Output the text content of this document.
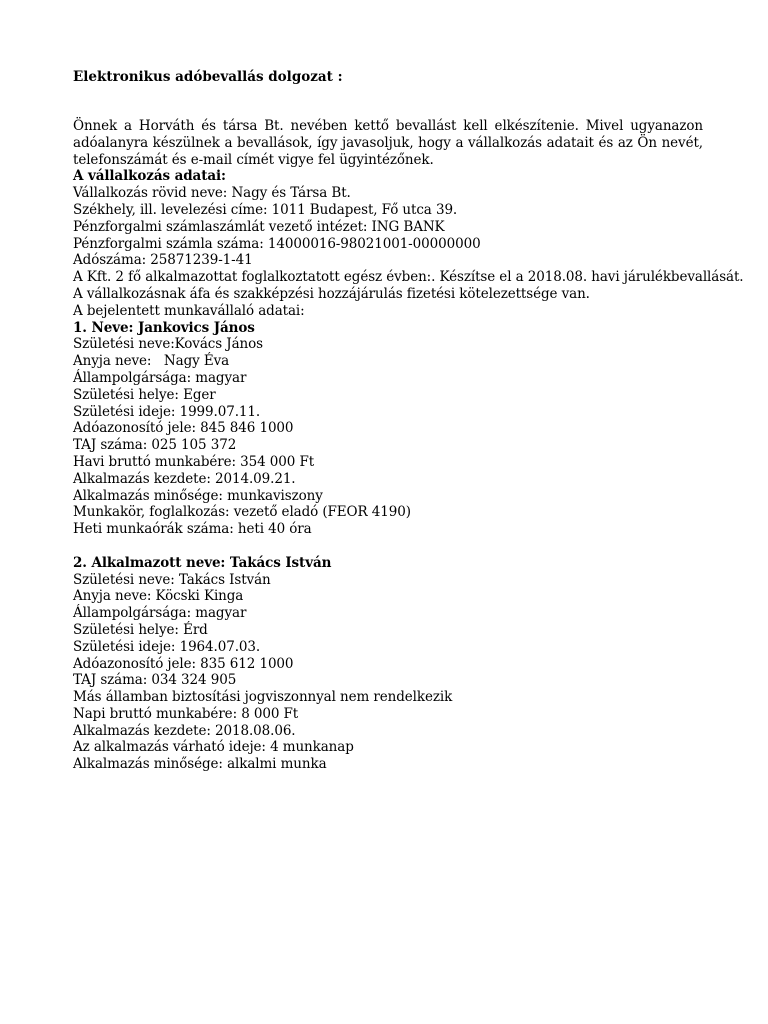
Elektronikus adóbevallás dolgozat :

Önnek a Horváth és társa Bt. nevében kettő bevallást kell elkészítenie. Mivel ugyanazon adóalanyra készülnek a bevallások, így javasoljuk, hogy a vállalkozás adatait és az Ön nevét, telefonszámát és e-mail címét vigye fel ügyintézőnek.

A vállalkozás adatai:

Vállalkozás rövid neve: Nagy és Társa Bt.

Székhely, ill. levelezési címe: 1011 Budapest, Fő utca 39.

Pénzforgalmi számlaszámlát vezető intézet: ING BANK

Pénzforgalmi számla száma: 14000016-98021001-00000000

Adószáma: 25871239-1-41

A Kft. 2 fő alkalmazottat foglalkoztatott egész évben:. Készítse el a 2018.08. havi járulékbevallását.

A vállalkozásnak áfa és szakképzési hozzájárulás fizetési kötelezettsége van.

A bejelentett munkavállaló adatai:

1. Neve: Jankovics János

Születési neve:Kovács János

Anyja neve:   Nagy Éva

Állampolgársága: magyar

Születési helye: Eger

Születési ideje: 1999.07.11.

Adóazonosító jele: 845 846 1000

TAJ száma: 025 105 372

Havi bruttó munkabére: 354 000 Ft

Alkalmazás kezdete: 2014.09.21.

Alkalmazás minősége: munkaviszony

Munkakör, foglalkozás: vezető eladó (FEOR 4190)

Heti munkaórák száma: heti 40 óra

2. Alkalmazott neve: Takács István

Születési neve: Takács István

Anyja neve: Köcski Kinga

Állampolgársága: magyar

Születési helye: Érd

Születési ideje: 1964.07.03.

Adóazonosító jele: 835 612 1000

TAJ száma: 034 324 905

Más államban biztosítási jogviszonnyal nem rendelkezik

Napi bruttó munkabére: 8 000 Ft

Alkalmazás kezdete: 2018.08.06.

Az alkalmazás várható ideje: 4 munkanap

Alkalmazás minősége: alkalmi munka
